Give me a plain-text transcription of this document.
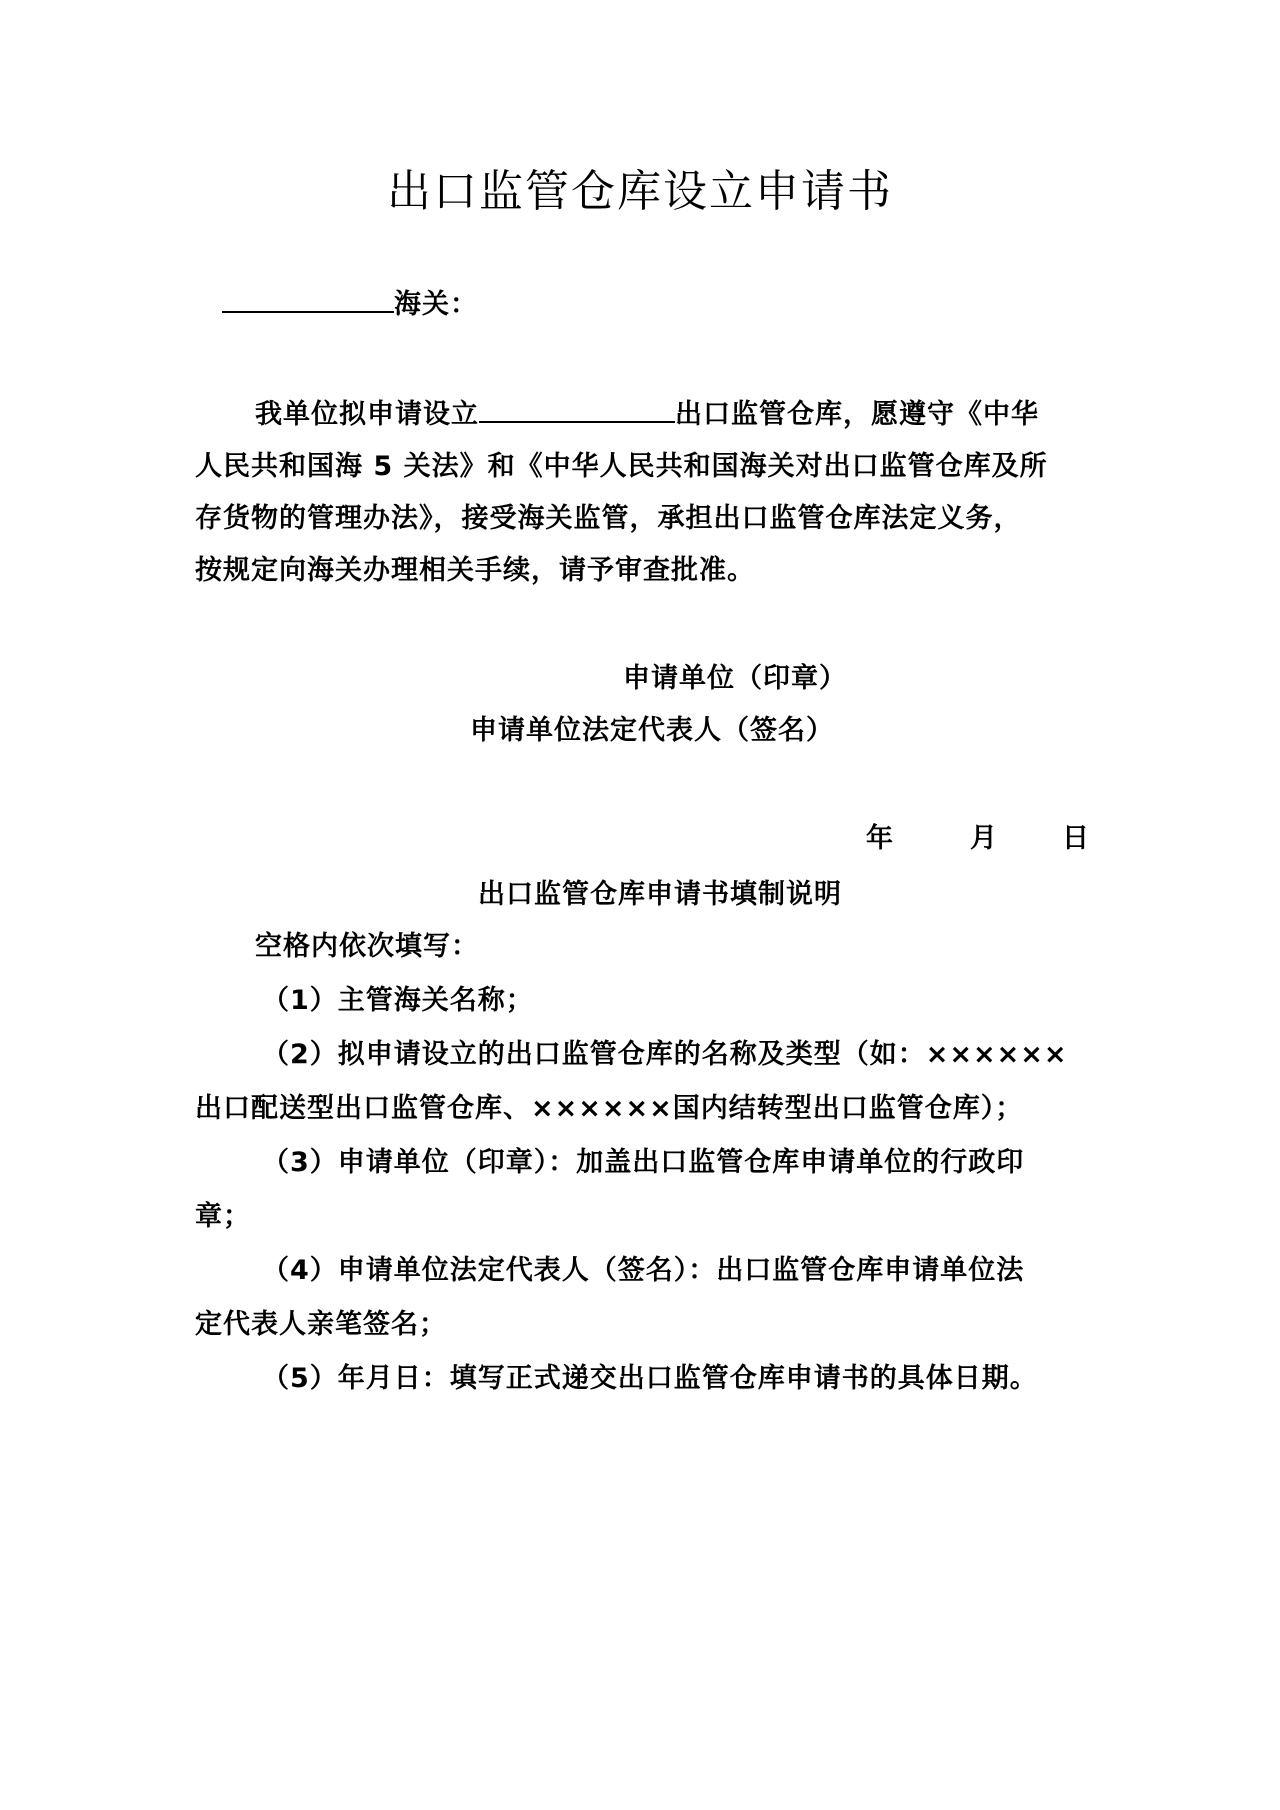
出口监管仓库设立申请书
海关：
我单位拟申请设立	出口监管仓库，愿遵守《中华
人民共和国海 5 关法》和《中华人民共和国海关对出口监管仓库及所
存货物的管理办法》，接受海关监管，承担出口监管仓库法定义务，
按规定向海关办理相关手续，请予审查批准。
申请单位（印章）
申请单位法定代表人（签名）
年	月 日
出口监管仓库申请书填制说明
空格内依次填写：
（1）主管海关名称；
（2）拟申请设立的出口监管仓库的名称及类型（如：××××××
出口配送型出口监管仓库、××××××国内结转型出口监管仓库）；
（3）申请单位（印章）：加盖出口监管仓库申请单位的行政印
章；
（4）申请单位法定代表人（签名）：出口监管仓库申请单位法
定代表人亲笔签名；
（5）年月日：填写正式递交出口监管仓库申请书的具体日期。
